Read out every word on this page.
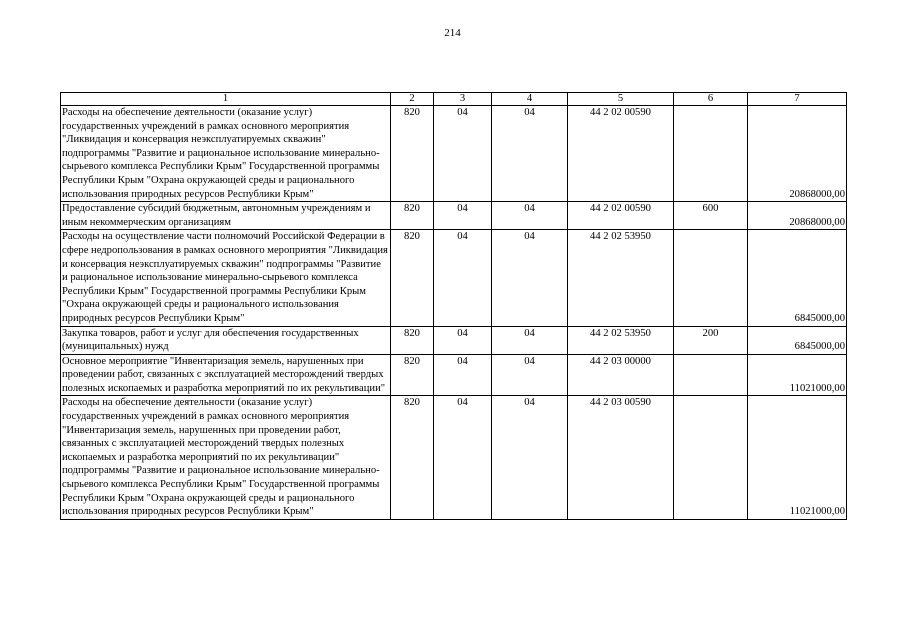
214
1	2	3	4	5	6	7
Расходы на обеспечение деятельности (оказание услуг) государственных учреждений в рамках основного мероприятия "Ликвидация и консервация неэксплуатируемых скважин" подпрограммы "Развитие и рациональное использование минерально-сырьевого комплекса Республики Крым" Государственной программы Республики Крым "Охрана окружающей среды и рационального использования природных ресурсов Республики Крым"	820	04	04	44 2 02 00590		20868000,00
Предоставление субсидий бюджетным, автономным учреждениям и иным некоммерческим организациям	820	04	04	44 2 02 00590	600	20868000,00
Расходы на осуществление части полномочий Российской Федерации в сфере недропользования в рамках основного мероприятия "Ликвидация и консервация неэксплуатируемых скважин" подпрограммы "Развитие и рациональное использование минерально-сырьевого комплекса Республики Крым" Государственной программы Республики Крым "Охрана окружающей среды и рационального использования природных ресурсов Республики Крым"	820	04	04	44 2 02 53950		6845000,00
Закупка товаров, работ и услуг для обеспечения государственных (муниципальных) нужд	820	04	04	44 2 02 53950	200	6845000,00
Основное мероприятие "Инвентаризация земель, нарушенных при проведении работ, связанных с эксплуатацией месторождений твердых полезных ископаемых и разработка мероприятий по их рекультивации"	820	04	04	44 2 03 00000		11021000,00
Расходы на обеспечение деятельности (оказание услуг) государственных учреждений в рамках основного мероприятия "Инвентаризация земель, нарушенных при проведении работ, связанных с эксплуатацией месторождений твердых полезных ископаемых и разработка мероприятий по их рекультивации" подпрограммы "Развитие и рациональное использование минерально-сырьевого комплекса Республики Крым" Государственной программы Республики Крым "Охрана окружающей среды и рационального использования природных ресурсов Республики Крым"	820	04	04	44 2 03 00590		11021000,00
